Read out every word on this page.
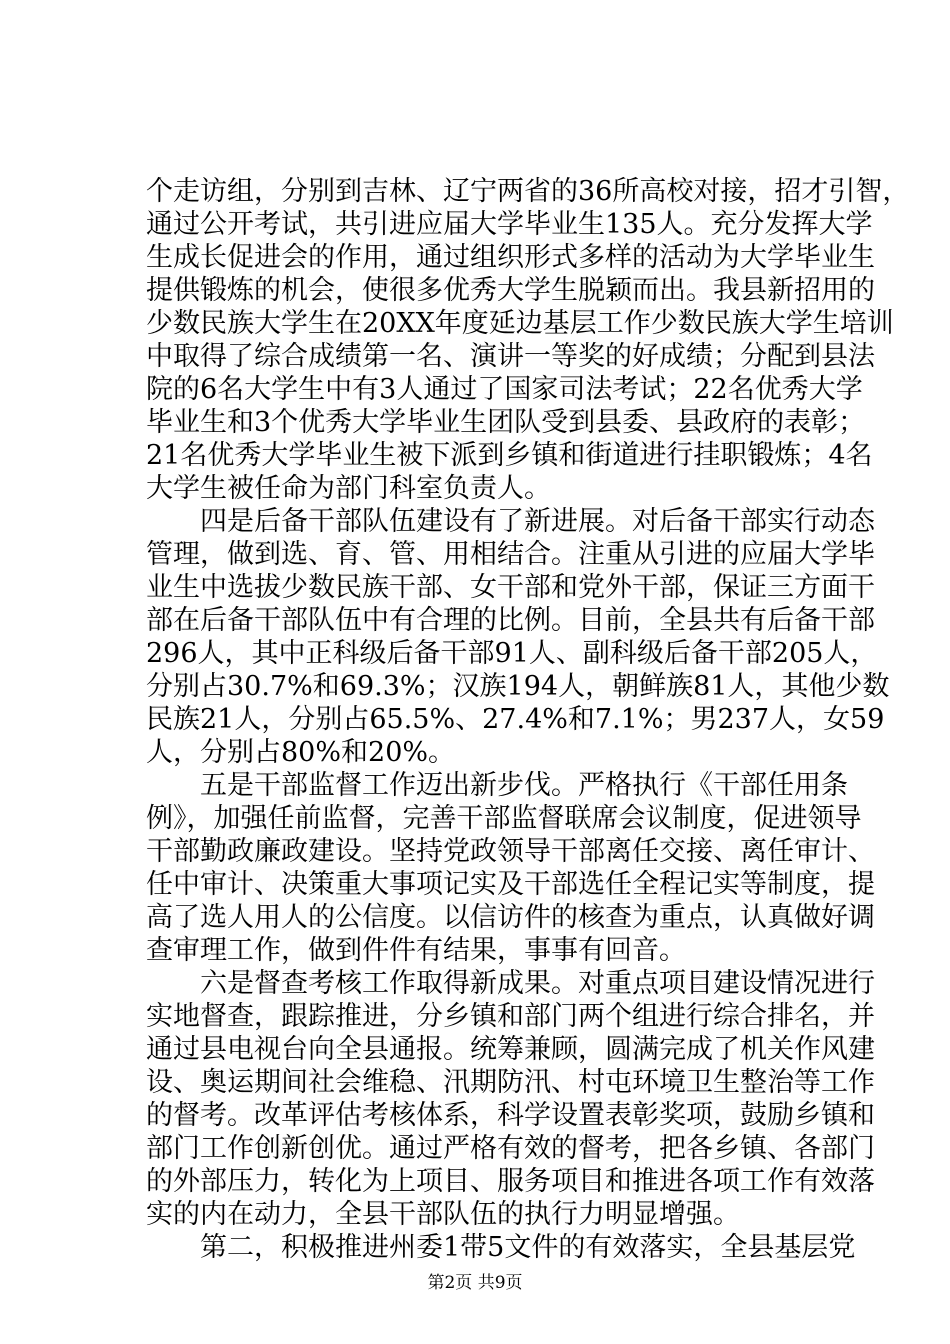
个走访组，分别到吉林、辽宁两省的36所高校对接，招才引智，
通过公开考试，共引进应届大学毕业生135人。充分发挥大学
生成长促进会的作用，通过组织形式多样的活动为大学毕业生
提供锻炼的机会，使很多优秀大学生脱颖而出。我县新招用的
少数民族大学生在20XX年度延边基层工作少数民族大学生培训
中取得了综合成绩第一名、演讲一等奖的好成绩；分配到县法
院的6名大学生中有3人通过了国家司法考试；22名优秀大学
毕业生和3个优秀大学毕业生团队受到县委、县政府的表彰；
21名优秀大学毕业生被下派到乡镇和街道进行挂职锻炼；4名
大学生被任命为部门科室负责人。
　　四是后备干部队伍建设有了新进展。对后备干部实行动态
管理，做到选、育、管、用相结合。注重从引进的应届大学毕
业生中选拔少数民族干部、女干部和党外干部，保证三方面干
部在后备干部队伍中有合理的比例。目前，全县共有后备干部
296人，其中正科级后备干部91人、副科级后备干部205人，
分别占30.7%和69.3%；汉族194人，朝鲜族81人，其他少数
民族21人，分别占65.5%、27.4%和7.1%；男237人，女59
人，分别占80%和20%。
　　五是干部监督工作迈出新步伐。严格执行《干部任用条
例》，加强任前监督，完善干部监督联席会议制度，促进领导
干部勤政廉政建设。坚持党政领导干部离任交接、离任审计、
任中审计、决策重大事项记实及干部选任全程记实等制度，提
高了选人用人的公信度。以信访件的核查为重点，认真做好调
查审理工作，做到件件有结果，事事有回音。
　　六是督查考核工作取得新成果。对重点项目建设情况进行
实地督查，跟踪推进，分乡镇和部门两个组进行综合排名，并
通过县电视台向全县通报。统筹兼顾，圆满完成了机关作风建
设、奥运期间社会维稳、汛期防汛、村屯环境卫生整治等工作
的督考。改革评估考核体系，科学设置表彰奖项，鼓励乡镇和
部门工作创新创优。通过严格有效的督考，把各乡镇、各部门
的外部压力，转化为上项目、服务项目和推进各项工作有效落
实的内在动力，全县干部队伍的执行力明显增强。
　　第二，积极推进州委1带5文件的有效落实，全县基层党
第2页 共9页
